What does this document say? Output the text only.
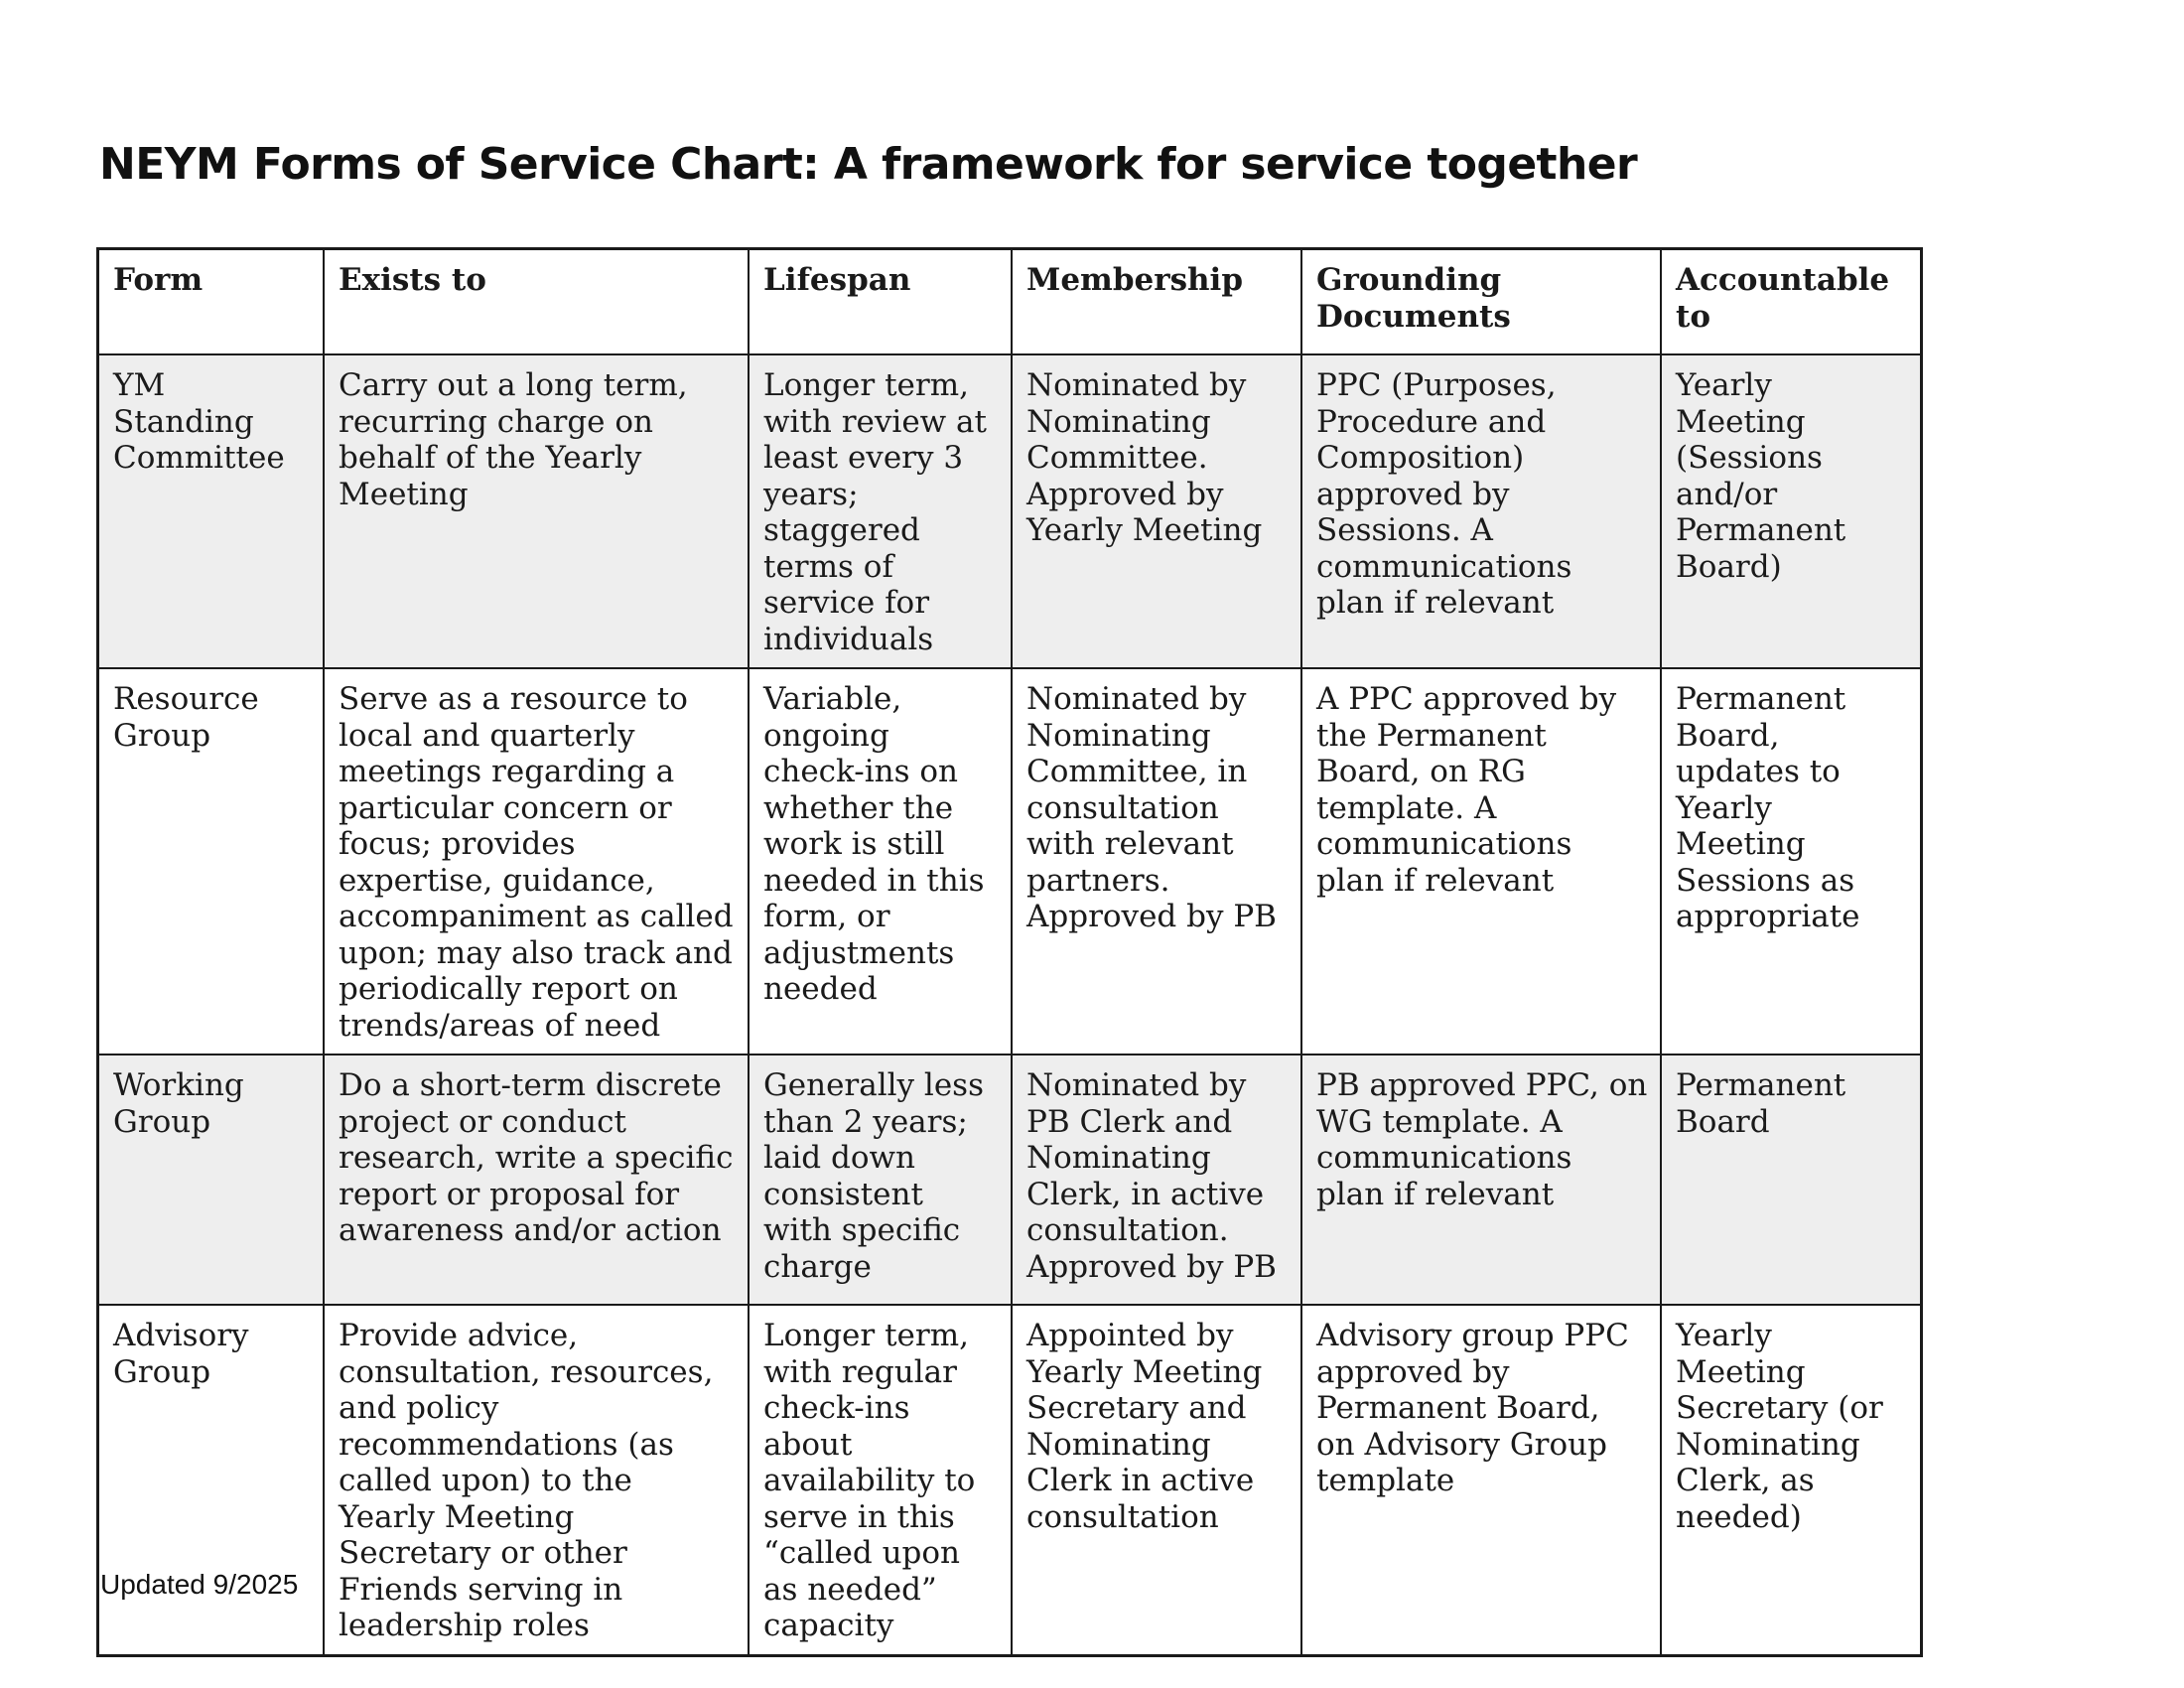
NEYM Forms of Service Chart: A framework for service together
Form	Exists to	Lifespan	Membership	Grounding Documents	Accountable to
YM Standing Committee	Carry out a long term, recurring charge on behalf of the Yearly Meeting	Longer term, with review at least every 3 years; staggered terms of service for individuals	Nominated by Nominating Committee. Approved by Yearly Meeting	PPC (Purposes, Procedure and Composition) approved by Sessions. A communications plan if relevant	Yearly Meeting (Sessions and/or Permanent Board)
Resource Group	Serve as a resource to local and quarterly meetings regarding a particular concern or focus; provides expertise, guidance, accompaniment as called upon; may also track and periodically report on trends/areas of need	Variable, ongoing check-ins on whether the work is still needed in this form, or adjustments needed	Nominated by Nominating Committee, in consultation with relevant partners. Approved by PB	A PPC approved by the Permanent Board, on RG template. A communications plan if relevant	Permanent Board, updates to Yearly Meeting Sessions as appropriate
Working Group	Do a short-term discrete project or conduct research, write a specific report or proposal for awareness and/or action	Generally less than 2 years; laid down consistent with specific charge	Nominated by PB Clerk and Nominating Clerk, in active consultation. Approved by PB	PB approved PPC, on WG template. A communications plan if relevant	Permanent Board
Advisory Group	Provide advice, consultation, resources, and policy recommendations (as called upon) to the Yearly Meeting Secretary or other Friends serving in leadership roles	Longer term, with regular check-ins about availability to serve in this “called upon as needed” capacity	Appointed by Yearly Meeting Secretary and Nominating Clerk in active consultation	Advisory group PPC approved by Permanent Board, on Advisory Group template	Yearly Meeting Secretary (or Nominating Clerk, as needed)
Updated 9/2025
